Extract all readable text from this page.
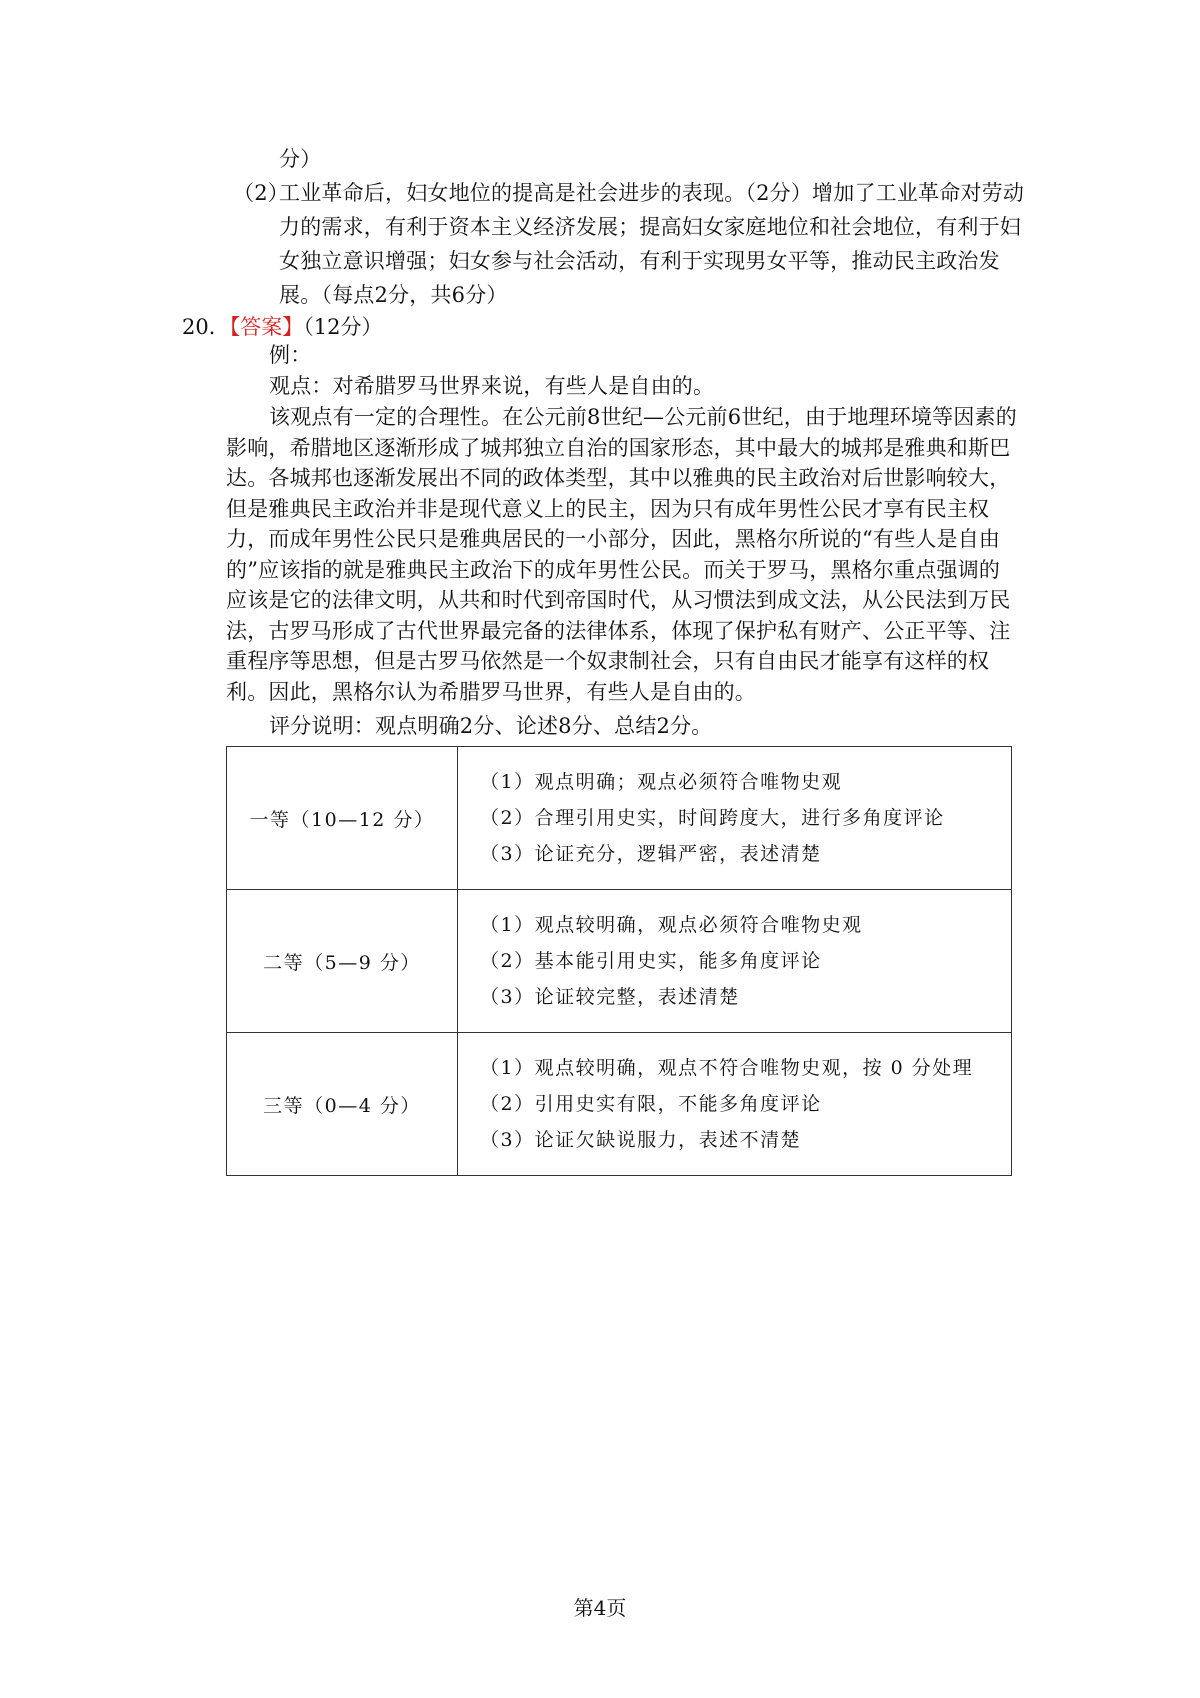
分）
（2）
工业革命后，妇女地位的提高是社会进步的表现。（2分）增加了工业革命对劳动
力的需求，有利于资本主义经济发展；提高妇女家庭地位和社会地位，有利于妇
女独立意识增强；妇女参与社会活动，有利于实现男女平等，推动民主政治发
展。（每点2分，共6分）
20．【答案】（12分）
例：
观点：对希腊罗马世界来说，有些人是自由的。
该观点有一定的合理性。在公元前8世纪—公元前6世纪，由于地理环境等因素的
影响，希腊地区逐渐形成了城邦独立自治的国家形态，其中最大的城邦是雅典和斯巴
达。各城邦也逐渐发展出不同的政体类型，其中以雅典的民主政治对后世影响较大，
但是雅典民主政治并非是现代意义上的民主，因为只有成年男性公民才享有民主权
力，而成年男性公民只是雅典居民的一小部分，因此，黑格尔所说的“有些人是自由
的”应该指的就是雅典民主政治下的成年男性公民。而关于罗马，黑格尔重点强调的
应该是它的法律文明，从共和时代到帝国时代，从习惯法到成文法，从公民法到万民
法，古罗马形成了古代世界最完备的法律体系，体现了保护私有财产、公正平等、注
重程序等思想，但是古罗马依然是一个奴隶制社会，只有自由民才能享有这样的权
利。因此，黑格尔认为希腊罗马世界，有些人是自由的。
一等（10—12 分）	（1）观点明确；观点必须符合唯物史观
（2）合理引用史实，时间跨度大，进行多角度评论
（3）论证充分，逻辑严密，表述清楚

二等（5—9 分）	（1）观点较明确，观点必须符合唯物史观
（2）基本能引用史实，能多角度评论
（3）论证较完整，表述清楚

三等（0—4 分）	（1）观点较明确，观点不符合唯物史观，按 0 分处理
（2）引用史实有限，不能多角度评论
（3）论证欠缺说服力，表述不清楚
第4页
评分说明：观点明确2分、论述8分、总结2分。
